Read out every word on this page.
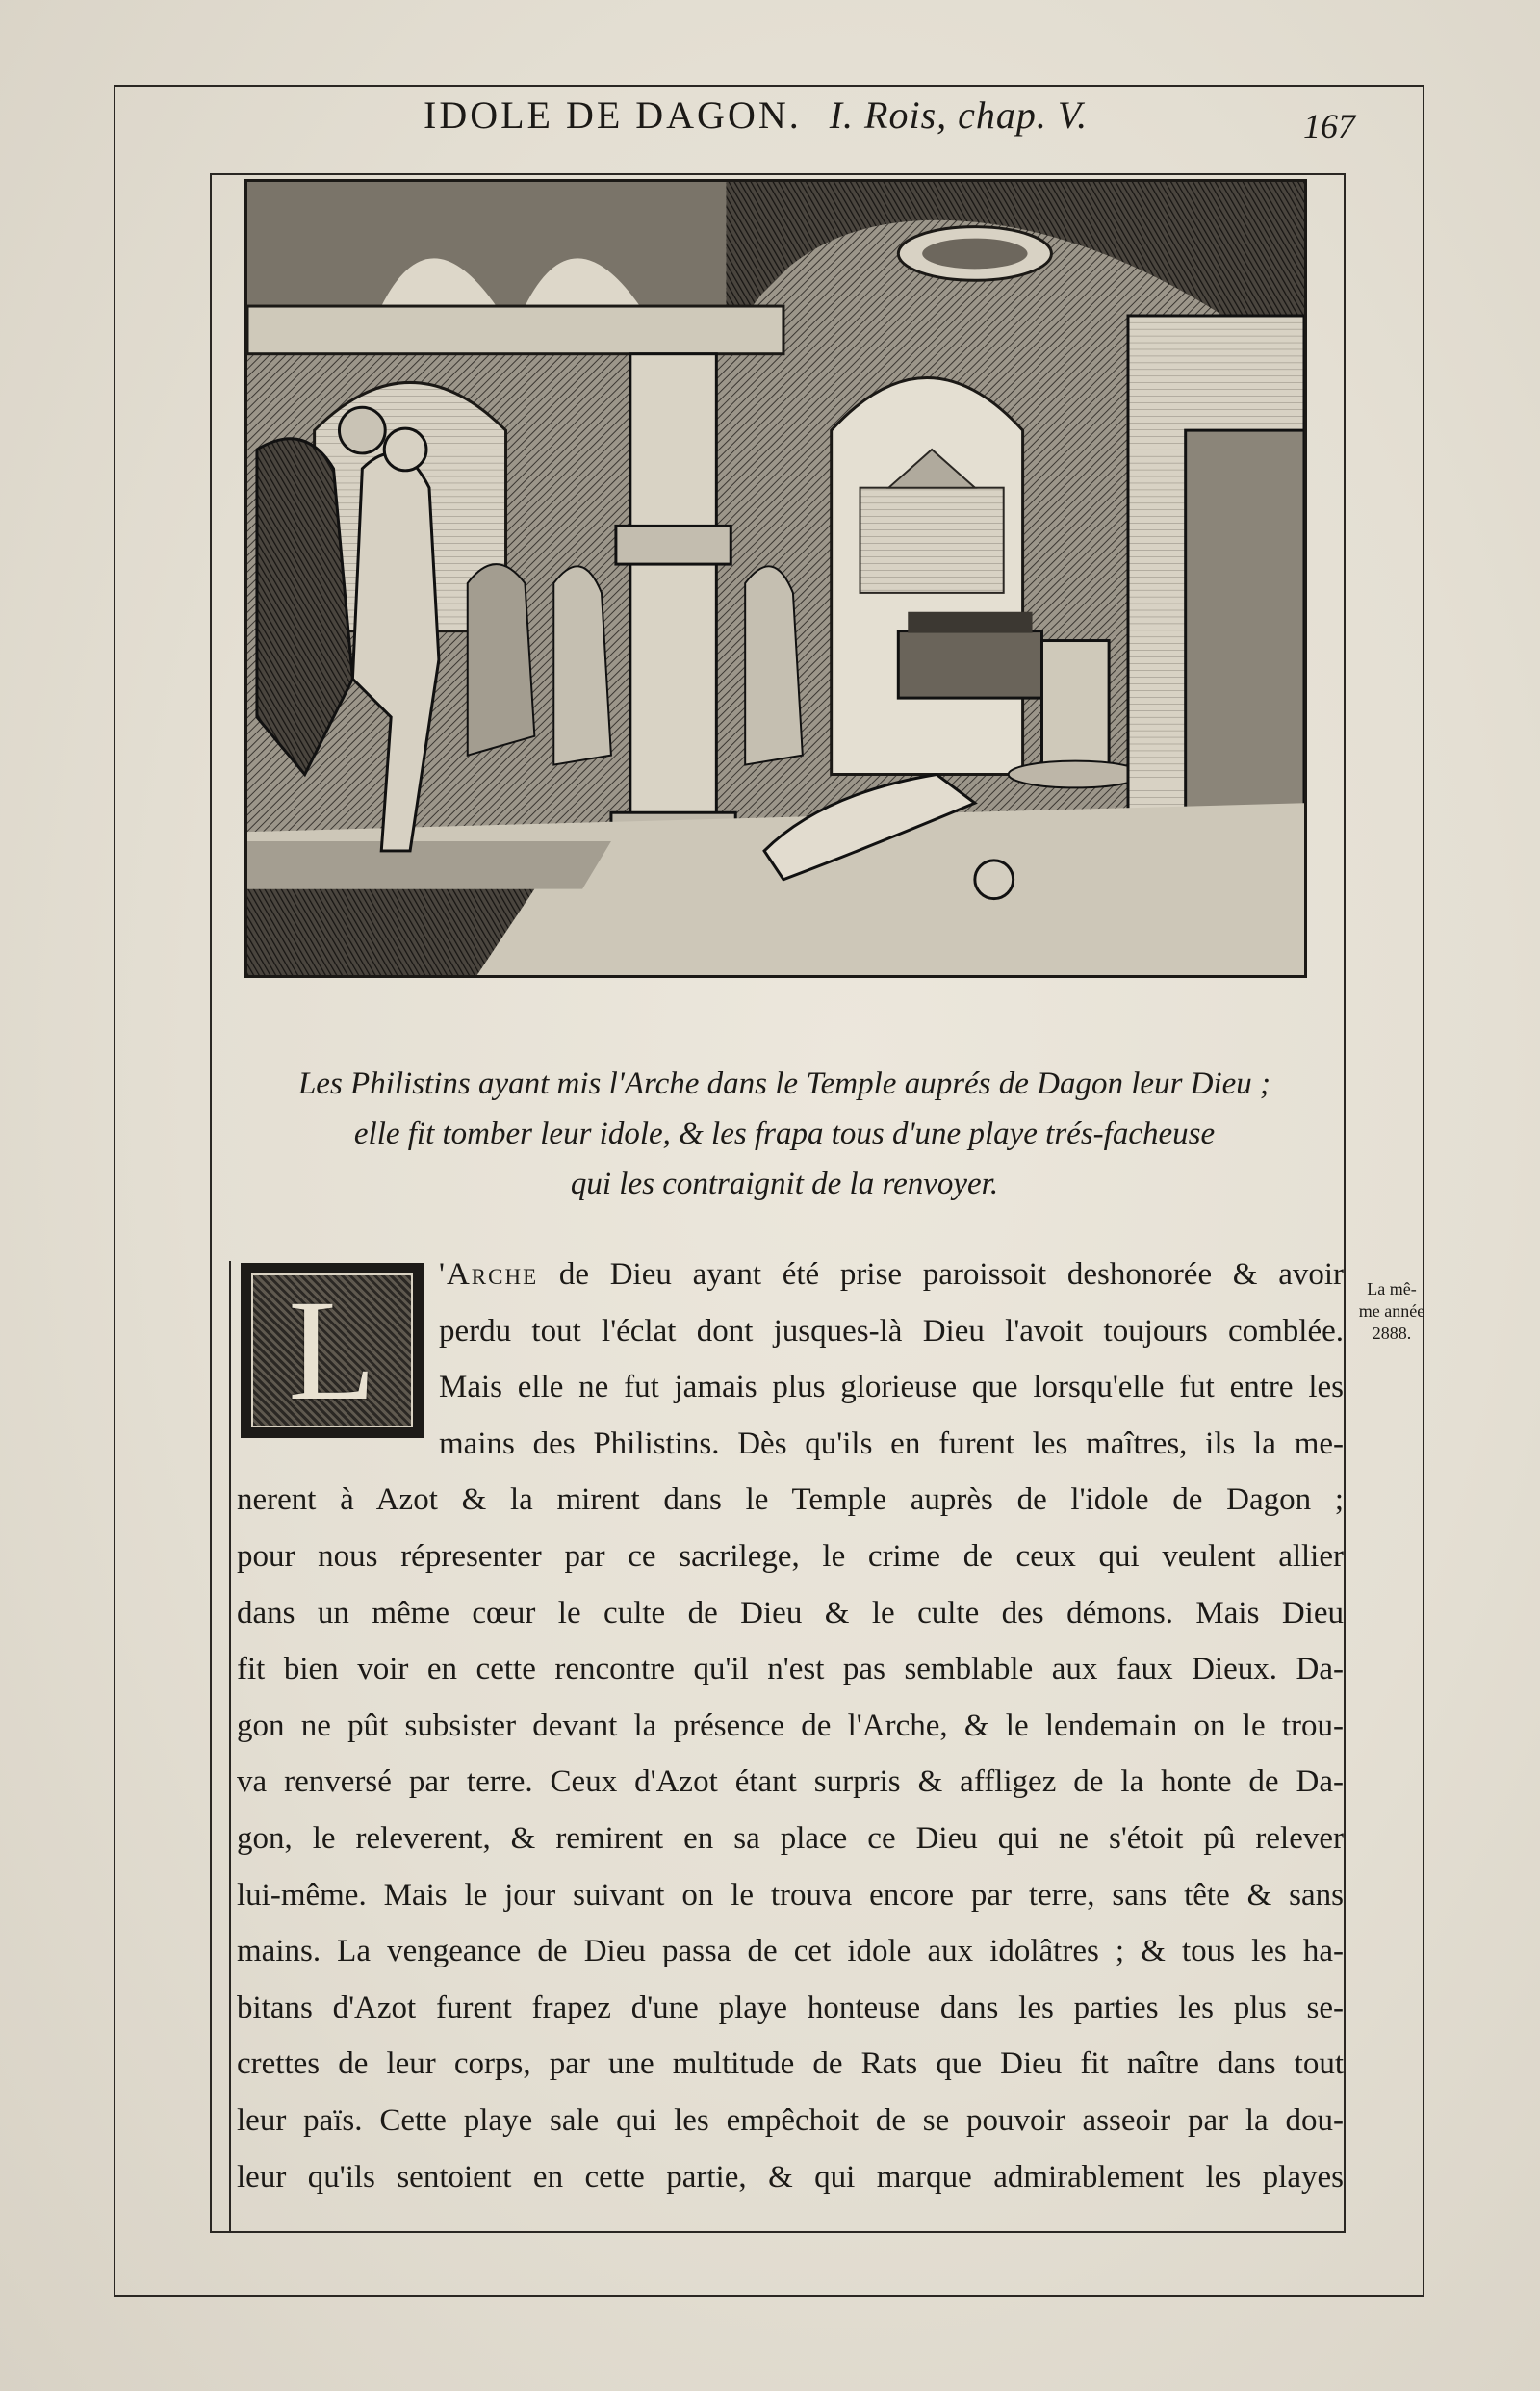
IDOLE DE DAGON. I. Rois, chap. V.	167
Les Philistins ayant mis l'Arche dans le Temple auprés de Dagon leur Dieu ;
elle fit tomber leur idole, & les frapa tous d'une playe trés-facheuse
qui les contraignit de la renvoyer.
L	La mê-
me année
2888.
'Arche de Dieu ayant été prise paroissoit deshonorée & avoir
perdu tout l'éclat dont jusques-là Dieu l'avoit toujours comblée.
Mais elle ne fut jamais plus glorieuse que lorsqu'elle fut entre les
mains des Philistins. Dès qu'ils en furent les maîtres, ils la me-
nerent à Azot & la mirent dans le Temple auprès de l'idole de Dagon ;
pour nous répresenter par ce sacrilege, le crime de ceux qui veulent allier
dans un même cœur le culte de Dieu & le culte des démons. Mais Dieu
fit bien voir en cette rencontre qu'il n'est pas semblable aux faux Dieux. Da-
gon ne pût subsister devant la présence de l'Arche, & le lendemain on le trou-
va renversé par terre. Ceux d'Azot étant surpris & affligez de la honte de Da-
gon, le releverent, & remirent en sa place ce Dieu qui ne s'étoit pû relever
lui-même. Mais le jour suivant on le trouva encore par terre, sans tête & sans
mains. La vengeance de Dieu passa de cet idole aux idolâtres ; & tous les ha-
bitans d'Azot furent frapez d'une playe honteuse dans les parties les plus se-
crettes de leur corps, par une multitude de Rats que Dieu fit naître dans tout
leur païs. Cette playe sale qui les empêchoit de se pouvoir asseoir par la dou-
leur qu'ils sentoient en cette partie, & qui marque admirablement les playes
